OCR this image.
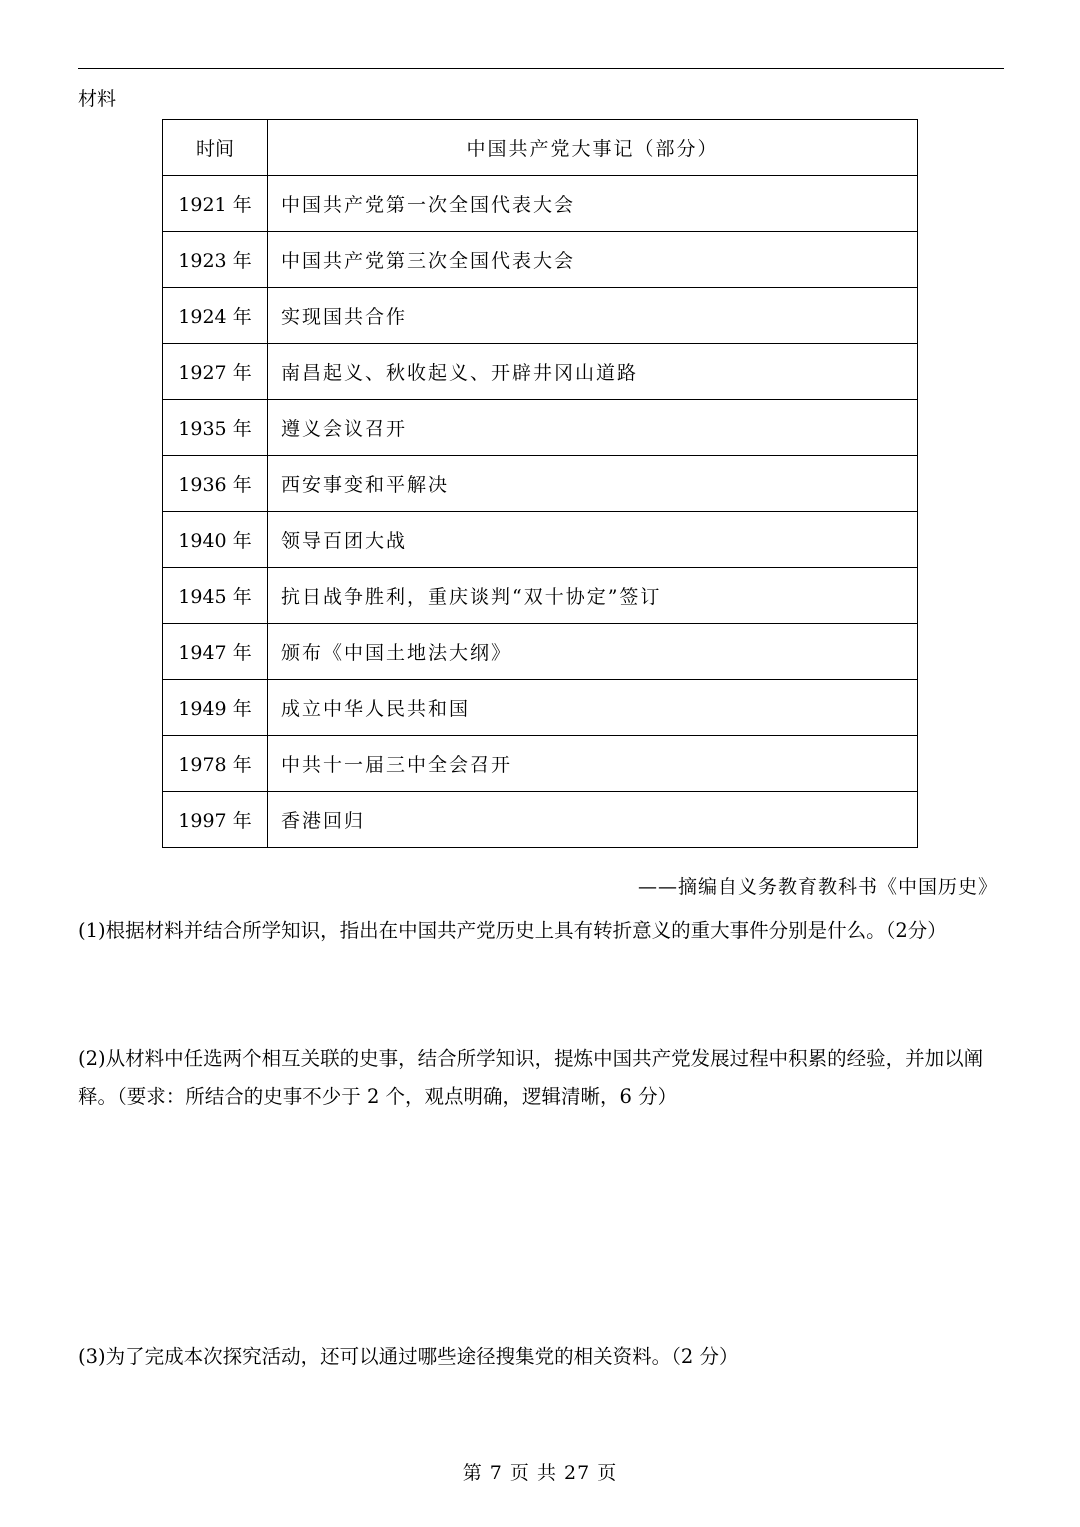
材料
时间	中国共产党大事记（部分）
1921 年	中国共产党第一次全国代表大会
1923 年	中国共产党第三次全国代表大会
1924 年	实现国共合作
1927 年	南昌起义、秋收起义、开辟井冈山道路
1935 年	遵义会议召开
1936 年	西安事变和平解决
1940 年	领导百团大战
1945 年	抗日战争胜利，重庆谈判“双十协定”签订
1947 年	颁布《中国土地法大纲》
1949 年	成立中华人民共和国
1978 年	中共十一届三中全会召开
1997 年	香港回归
——摘编自义务教育教科书《中国历史》
(1)根据材料并结合所学知识，指出在中国共产党历史上具有转折意义的重大事件分别是什么。（2分）
(2)从材料中任选两个相互关联的史事，结合所学知识，提炼中国共产党发展过程中积累的经验，并加以阐释。（要求：所结合的史事不少于 2 个，观点明确，逻辑清晰，6 分）
(3)为了完成本次探究活动，还可以通过哪些途径搜集党的相关资料。（2 分）
第 7 页 共 27 页
